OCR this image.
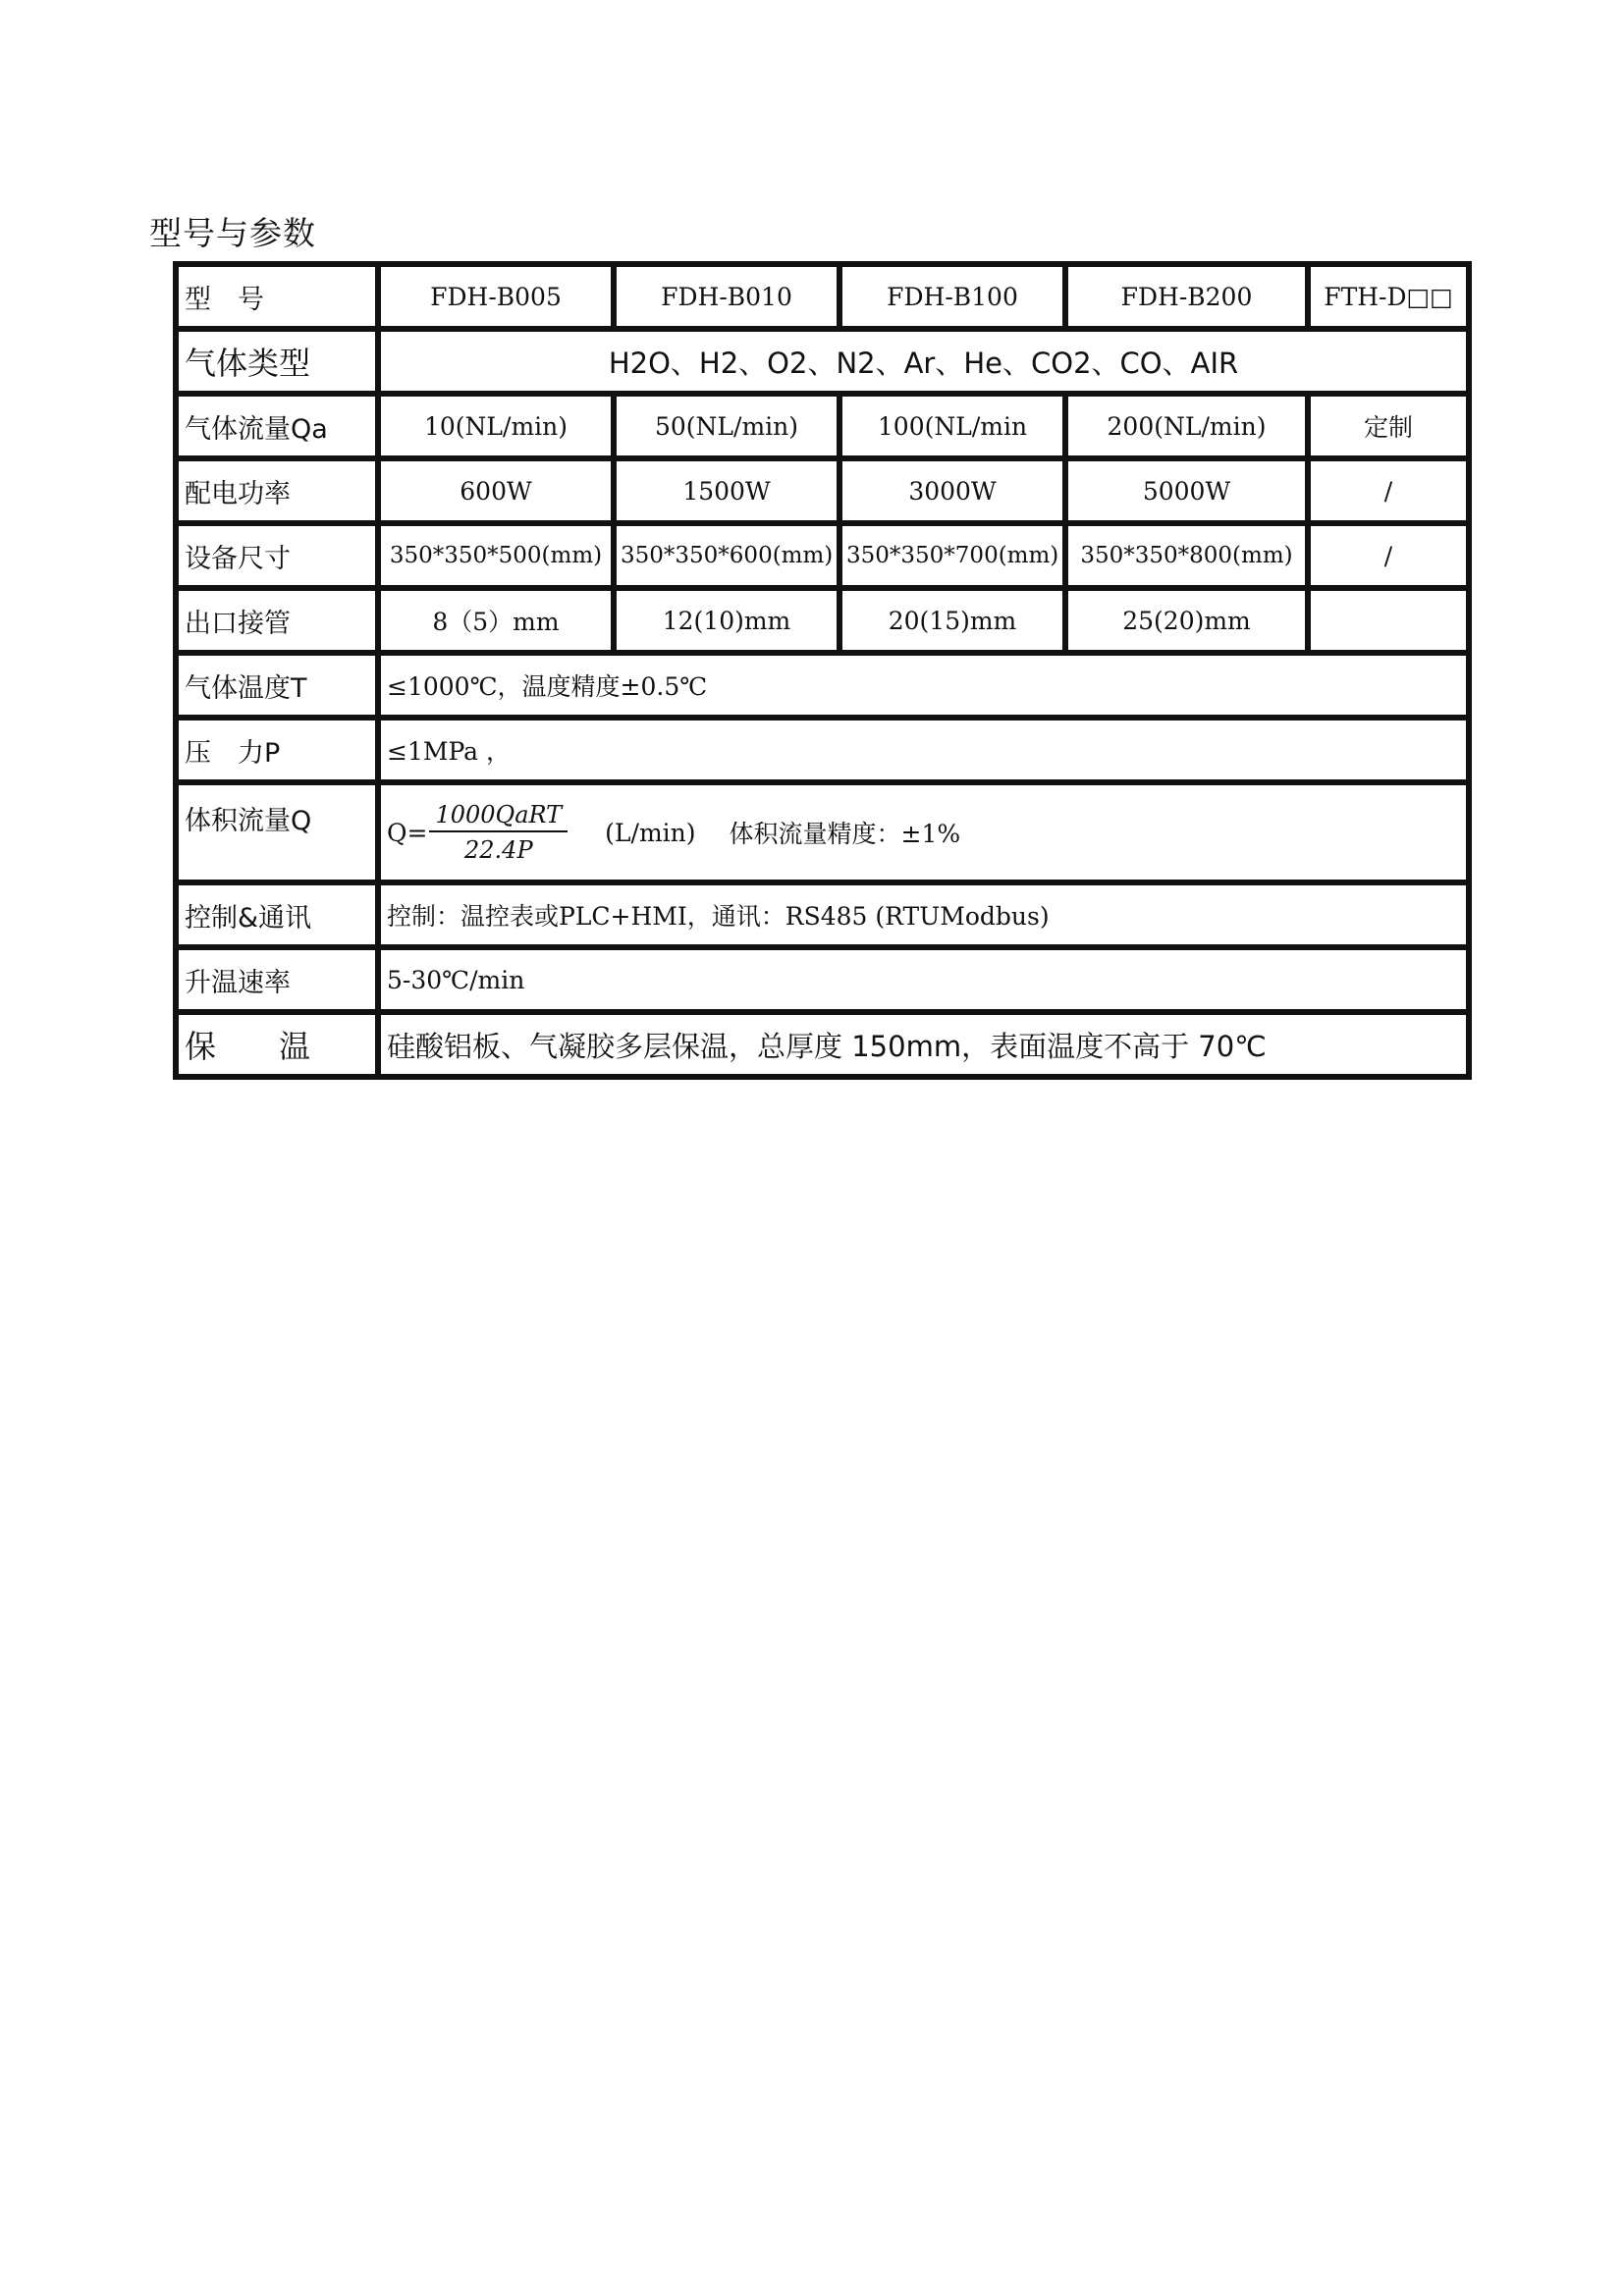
型号与参数
型　号	FDH-B005	FDH-B010	FDH-B100	FDH-B200	FTH-D□□
气体类型	H2O、H2、O2、N2、Ar、He、CO2、CO、AIR				
气体流量Qa	10(NL/min)	50(NL/min)	100(NL/min	200(NL/min)	定制
配电功率	600W	1500W	3000W	5000W	/
设备尺寸	350*350*500(mm)	350*350*600(mm)	350*350*700(mm)	350*350*800(mm)	/
出口接管	8（5）mm	12(10)mm	20(15)mm	25(20)mm	
气体温度T	≤1000℃，温度精度±0.5℃				
压　力P	≤1MPa ，				
体积流量Q	$Q= \frac{\text{1000QaRT}}{22.4P} (L/\min)$ 体积流量精度：±1%				

控制&通讯	控制：温控表或PLC+HMI，通讯：RS485 (RTUModbus)				
升温速率	5-30℃/min				
保　　温	硅酸铝板、气凝胶多层保温，总厚度 150mm，表面温度不高于 70℃				
